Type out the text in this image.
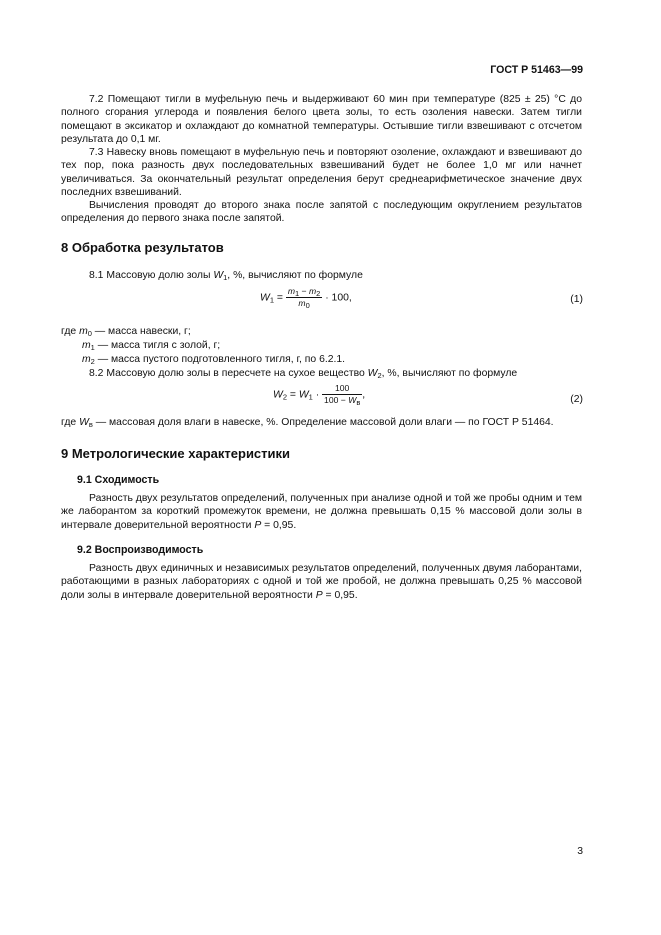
ГОСТ Р 51463—99
7.2 Помещают тигли в муфельную печь и выдерживают 60 мин при температуре (825 ± 25) °С до полного сгорания углерода и появления белого цвета золы, то есть озоления навески. Затем тигли помещают в эксикатор и охлаждают до комнатной температуры. Остывшие тигли взвешивают с отсчетом результата до 0,1 мг.
7.3 Навеску вновь помещают в муфельную печь и повторяют озоление, охлаждают и взвешивают до тех пор, пока разность двух последовательных взвешиваний будет не более 1,0 мг или начнет увеличиваться. За окончательный результат определения берут среднеарифметическое значение двух последних взвешиваний.
Вычисления проводят до второго знака после запятой с последующим округлением результатов определения до первого знака после запятой.
8 Обработка результатов
8.1 Массовую долю золы $W_1$, %, вычисляют по формуле
$W_1 = \frac{m_1 - m_2}{m_0} \cdot 100$,	(1)
где $m_0$ — масса навески, г;
$m_1$ — масса тигля с золой, г;
$m_2$ — масса пустого подготовленного тигля, г, по 6.2.1.
8.2 Массовую долю золы в пересчете на сухое вещество $W_2$, %, вычисляют по формуле
$W_2 = W_1 \cdot \frac{100}{100 - W_в}$ ,	(2)
где $W_в$ — массовая доля влаги в навеске, %. Определение массовой доли влаги — по ГОСТ Р 51464.
9 Метрологические характеристики
9.1 Сходимость
Разность двух результатов определений, полученных при анализе одной и той же пробы одним и тем же лаборантом за короткий промежуток времени, не должна превышать 0,15 % массовой доли золы в интервале доверительной вероятности P = 0,95.
9.2 Воспроизводимость
Разность двух единичных и независимых результатов определений, полученных двумя лаборантами, работающими в разных лабораториях с одной и той же пробой, не должна превышать 0,25 % массовой доли золы в интервале доверительной вероятности P = 0,95.
3
